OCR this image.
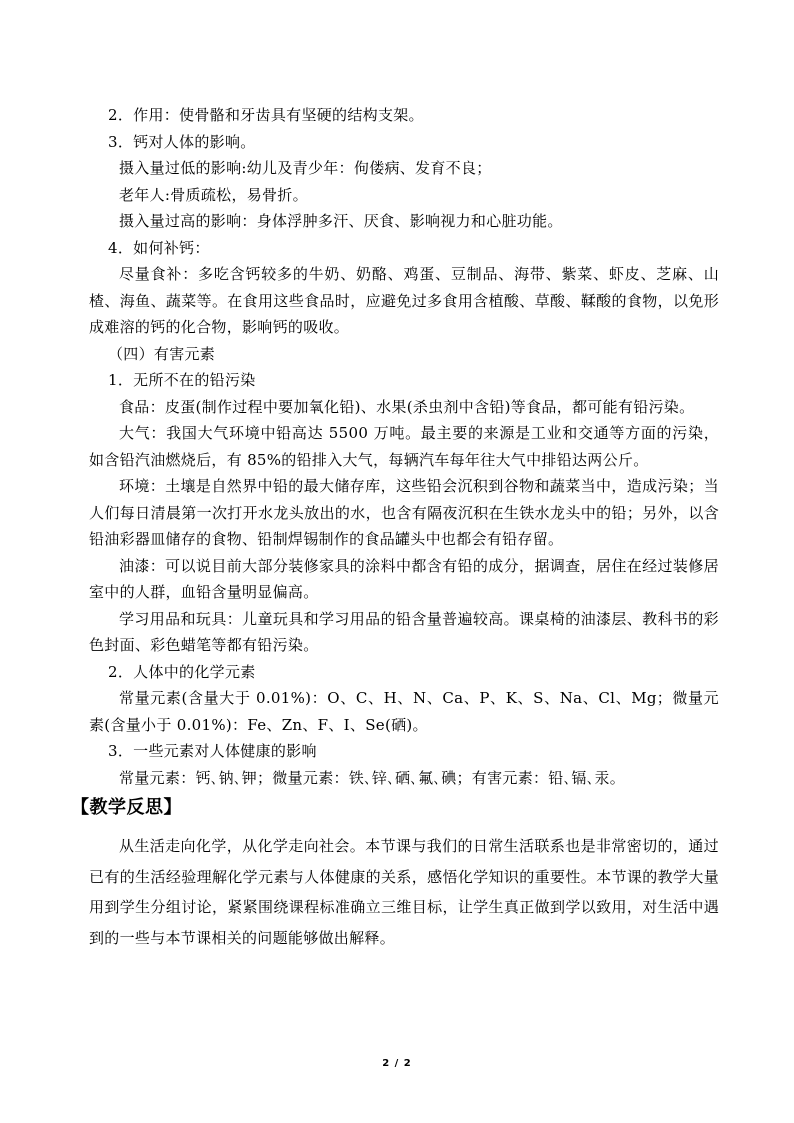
2．作用：使骨骼和牙齿具有坚硬的结构支架。

3．钙对人体的影响。

摄入量过低的影响:幼儿及青少年：佝偻病、发育不良；

老年人:骨质疏松，易骨折。

摄入量过高的影响：身体浮肿多汗、厌食、影响视力和心脏功能。

4．如何补钙：

尽量食补：多吃含钙较多的牛奶、奶酪、鸡蛋、豆制品、海带、紫菜、虾皮、芝麻、山楂、海鱼、蔬菜等。在食用这些食品时，应避免过多食用含植酸、草酸、鞣酸的食物，以免形成难溶的钙的化合物，影响钙的吸收。

（四）有害元素

1．无所不在的铅污染

食品：皮蛋(制作过程中要加氧化铅)、水果(杀虫剂中含铅)等食品，都可能有铅污染。

大气：我国大气环境中铅高达 5500 万吨。最主要的来源是工业和交通等方面的污染，如含铅汽油燃烧后，有 85%的铅排入大气，每辆汽车每年往大气中排铅达两公斤。

环境：土壤是自然界中铅的最大储存库，这些铅会沉积到谷物和蔬菜当中，造成污染；当人们每日清晨第一次打开水龙头放出的水，也含有隔夜沉积在生铁水龙头中的铅；另外，以含铅油彩器皿储存的食物、铅制焊锡制作的食品罐头中也都会有铅存留。

油漆：可以说目前大部分装修家具的涂料中都含有铅的成分，据调查，居住在经过装修居室中的人群，血铅含量明显偏高。

学习用品和玩具：儿童玩具和学习用品的铅含量普遍较高。课桌椅的油漆层、教科书的彩色封面、彩色蜡笔等都有铅污染。

2．人体中的化学元素

常量元素(含量大于 0.01%)：O、C、H、N、Ca、P、K、S、Na、Cl、Mg；微量元素(含量小于 0.01%)：Fe、Zn、F、I、Se(硒)。

3．一些元素对人体健康的影响

常量元素：钙､钠､钾；微量元素：铁､锌､硒､氟､碘；有害元素：铅､镉､汞。

【教学反思】

从生活走向化学，从化学走向社会。本节课与我们的日常生活联系也是非常密切的，通过已有的生活经验理解化学元素与人体健康的关系，感悟化学知识的重要性。本节课的教学大量用到学生分组讨论，紧紧围绕课程标准确立三维目标，让学生真正做到学以致用，对生活中遇到的一些与本节课相关的问题能够做出解释。

2 / 2
